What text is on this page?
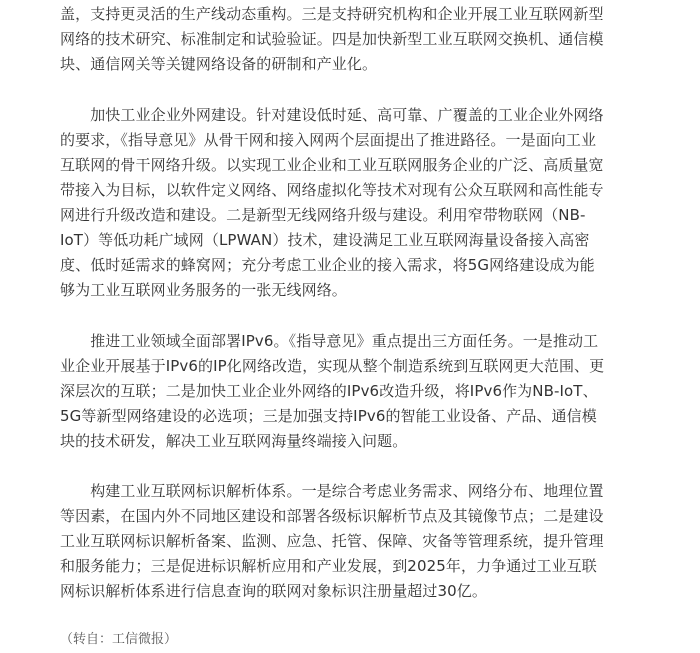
盖，支持更灵活的生产线动态重构。三是支持研究机构和企业开展工业互联网新型
网络的技术研究、标准制定和试验验证。四是加快新型工业互联网交换机、通信模
块、通信网关等关键网络设备的研制和产业化。

　　加快工业企业外网建设。针对建设低时延、高可靠、广覆盖的工业企业外网络
的要求，《指导意见》从骨干网和接入网两个层面提出了推进路径。一是面向工业
互联网的骨干网络升级。以实现工业企业和工业互联网服务企业的广泛、高质量宽
带接入为目标，以软件定义网络、网络虚拟化等技术对现有公众互联网和高性能专
网进行升级改造和建设。二是新型无线网络升级与建设。利用窄带物联网（NB-
IoT）等低功耗广域网（LPWAN）技术，建设满足工业互联网海量设备接入高密
度、低时延需求的蜂窝网；充分考虑工业企业的接入需求，将5G网络建设成为能
够为工业互联网业务服务的一张无线网络。

　　推进工业领域全面部署IPv6。《指导意见》重点提出三方面任务。一是推动工
业企业开展基于IPv6的IP化网络改造，实现从整个制造系统到互联网更大范围、更
深层次的互联；二是加快工业企业外网络的IPv6改造升级，将IPv6作为NB-IoT、
5G等新型网络建设的必选项；三是加强支持IPv6的智能工业设备、产品、通信模
块的技术研发，解决工业互联网海量终端接入问题。

　　构建工业互联网标识解析体系。一是综合考虑业务需求、网络分布、地理位置
等因素，在国内外不同地区建设和部署各级标识解析节点及其镜像节点；二是建设
工业互联网标识解析备案、监测、应急、托管、保障、灾备等管理系统，提升管理
和服务能力；三是促进标识解析应用和产业发展，到2025年，力争通过工业互联
网标识解析体系进行信息查询的联网对象标识注册量超过30亿。

（转自：工信微报）
